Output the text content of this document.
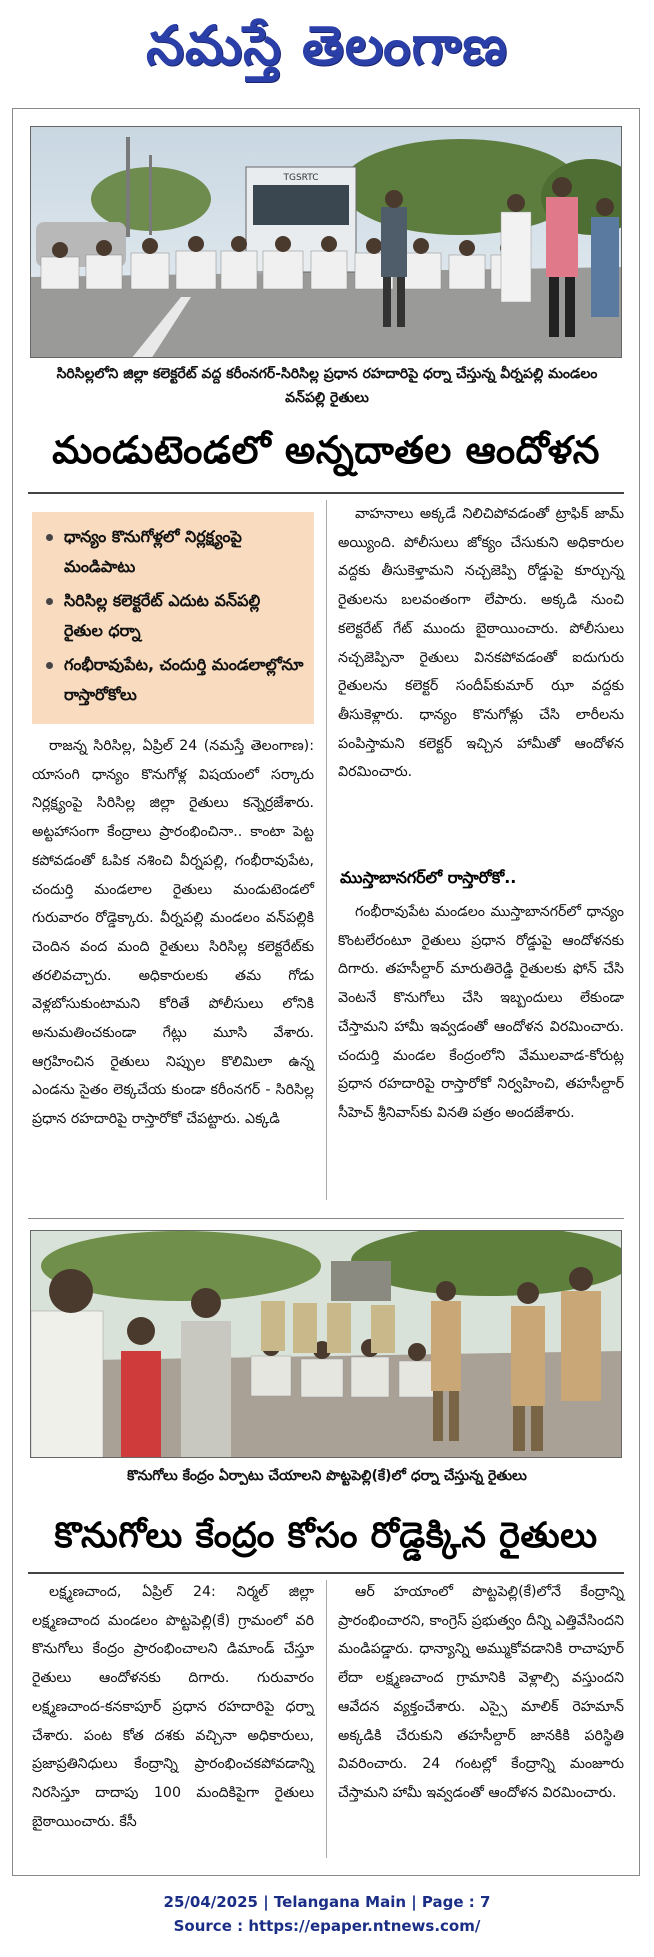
నమస్తే తెలంగాణ
TGSRTC
సిరిసిల్లలోని జిల్లా కలెక్టరేట్ వద్ద కరీంనగర్-సిరిసిల్ల ప్రధాన రహదారిపై ధర్నా చేస్తున్న వీర్నపల్లి మండలం వన్‌పల్లి రైతులు
మండుటెండలో అన్నదాతల ఆందోళన
ధాన్యం కొనుగోళ్లలో నిర్లక్ష్యంపై మండిపాటు
సిరిసిల్ల కలెక్టరేట్ ఎదుట వన్‌పల్లి రైతుల ధర్నా
గంభీరావుపేట, చందుర్తి మండలాల్లోనూ రాస్తారోకోలు

రాజన్న సిరిసిల్ల, ఏప్రిల్ 24 (నమస్తే తెలంగాణ): యాసంగి ధాన్యం కొనుగోళ్ల విషయంలో సర్కారు నిర్లక్ష్యంపై సిరిసిల్ల జిల్లా రైతులు కన్నెర్రజేశారు. అట్టహాసంగా కేంద్రాలు ప్రారంభించినా.. కాంటా పెట్ట కపోవడంతో ఓపిక నశించి వీర్నపల్లి, గంభీరావుపేట, చందుర్తి మండలాల రైతులు మండుటెండలో గురువారం రోడ్డెక్కారు. వీర్నపల్లి మండలం వన్‌పల్లికి చెందిన వంద మంది రైతులు సిరిసిల్ల కలెక్టరేట్‌కు తరలివచ్చారు. అధికారులకు తమ గోడు వెళ్లబోసుకుంటామని కోరితే పోలీసులు లోనికి అనుమతించకుండా గేట్లు మూసి వేశారు. ఆగ్రహించిన రైతులు నిప్పుల కొలిమిలా ఉన్న ఎండను సైతం లెక్కచేయ కుండా కరీంనగర్ - సిరిసిల్ల ప్రధాన రహదారిపై రాస్తారోకో చేపట్టారు. ఎక్కడి

వాహనాలు అక్కడే నిలిచిపోవడంతో ట్రాఫిక్ జామ్ అయ్యింది. పోలీసులు జోక్యం చేసుకుని అధికారుల వద్దకు తీసుకెళ్తామని నచ్చజెప్పి రోడ్డుపై కూర్చున్న రైతులను బలవంతంగా లేపారు. అక్కడి నుంచి కలెక్టరేట్ గేట్ ముందు బైఠాయించారు. పోలీసులు నచ్చజెప్పినా రైతులు వినకపోవడంతో ఐదుగురు రైతులను కలెక్టర్ సందీప్‌కుమార్ ఝా వద్దకు తీసుకెళ్లారు. ధాన్యం కొనుగోళ్లు చేసి లారీలను పంపిస్తామని కలెక్టర్ ఇచ్చిన హామీతో ఆందోళన విరమించారు.

ముస్తాబానగర్‌లో రాస్తారోకో..

గంభీరావుపేట మండలం ముస్తాబానగర్‌లో ధాన్యం కొంటలేరంటూ రైతులు ప్రధాన రోడ్డుపై ఆందోళనకు దిగారు. తహసీల్దార్ మారుతిరెడ్డి రైతులకు ఫోన్ చేసి వెంటనే కొనుగోలు చేసి ఇబ్బందులు లేకుండా చేస్తామని హామీ ఇవ్వడంతో ఆందోళన విరమించారు. చందుర్తి మండల కేంద్రంలోని వేములవాడ-కోరుట్ల ప్రధాన రహదారిపై రాస్తారోకో నిర్వహించి, తహసీల్దార్ సీహెచ్ శ్రీనివాస్‌కు వినతి పత్రం అందజేశారు.

కొనుగోలు కేంద్రం ఏర్పాటు చేయాలని పొట్టపెల్లి(కే)లో ధర్నా చేస్తున్న రైతులు
కొనుగోలు కేంద్రం కోసం రోడ్డెక్కిన రైతులు

లక్ష్మణచాంద, ఏప్రిల్ 24: నిర్మల్ జిల్లా లక్ష్మణచాంద మండలం పొట్టపెల్లి(కే) గ్రామంలో వరి కొనుగోలు కేంద్రం ప్రారంభించాలని డిమాండ్ చేస్తూ రైతులు ఆందోళనకు దిగారు. గురువారం లక్ష్మణచాంద-కనకాపూర్ ప్రధాన రహదారిపై ధర్నా చేశారు. పంట కోత దశకు వచ్చినా అధికారులు, ప్రజాప్రతినిధులు కేంద్రాన్ని ప్రారంభించకపోవడాన్ని నిరసిస్తూ దాదాపు 100 మందికిపైగా రైతులు బైఠాయించారు. కేసీ

ఆర్ హయాంలో పొట్టపెల్లి(కే)లోనే కేంద్రాన్ని ప్రారంభించారని, కాంగ్రెస్ ప్రభుత్వం దీన్ని ఎత్తివేసిందని మండిపడ్డారు. ధాన్యాన్ని అమ్ముకోవడానికి రాచాపూర్ లేదా లక్ష్మణచాంద గ్రామానికి వెళ్లాల్సి వస్తుందని ఆవేదన వ్యక్తంచేశారు. ఎస్సై మాలిక్ రెహమాన్ అక్కడికి చేరుకుని తహసీల్దార్ జానకికి పరిస్థితి వివరించారు. 24 గంటల్లో కేంద్రాన్ని మంజూరు చేస్తామని హామీ ఇవ్వడంతో ఆందోళన విరమించారు.

25/04/2025 | Telangana Main | Page : 7
Source : https://epaper.ntnews.com/
